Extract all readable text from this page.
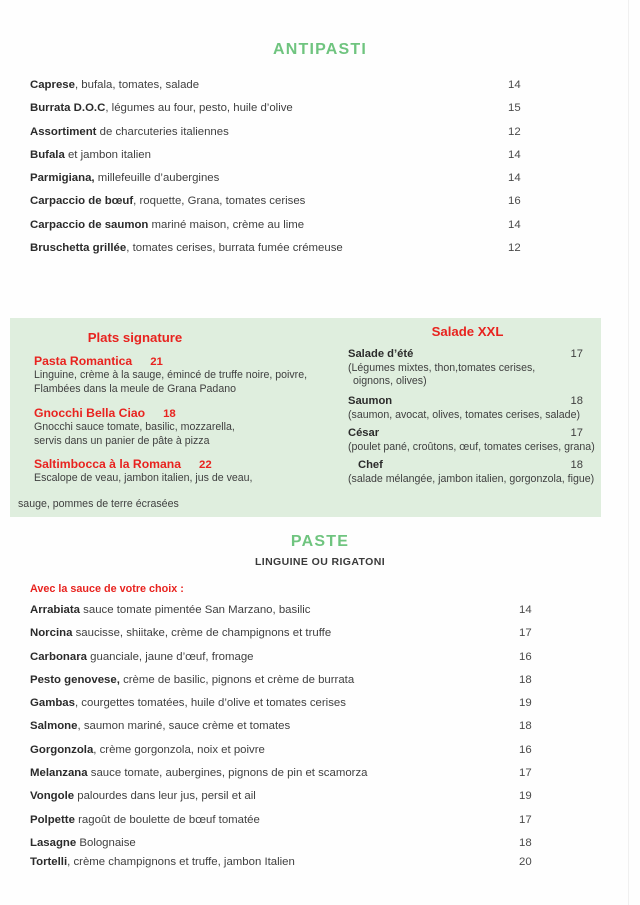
ANTIPASTI
Caprese, bufala, tomates, salade	14
Burrata D.O.C, légumes au four, pesto, huile d’olive	15
Assortiment de charcuteries italiennes	12
Bufala et jambon italien	14
Parmigiana, millefeuille d’aubergines	14
Carpaccio de bœuf, roquette, Grana, tomates cerises	16
Carpaccio de saumon mariné maison, crème au lime	14
Bruschetta grillée, tomates cerises, burrata fumée crémeuse	12
Plats signature
Pasta Romantica 21
Linguine, crème à la sauge, émincé de truffe noire, poivre,
Flambées dans la meule de Grana Padano
Gnocchi Bella Ciao 18
Gnocchi sauce tomate, basilic, mozzarella,
servis dans un panier de pâte à pizza
Saltimbocca à la Romana 22
Escalope de veau, jambon italien, jus de veau,
sauge, pommes de terre écrasées
Salade XXL
Salade d’été	17
(Légumes mixtes, thon,tomates cerises,
oignons, olives)
Saumon	18
(saumon, avocat, olives, tomates cerises, salade)
César	17
(poulet pané, croûtons, œuf, tomates cerises, grana)
Chef	18
(salade mélangée, jambon italien, gorgonzola, figue)
PASTE
LINGUINE OU RIGATONI
Avec la sauce de votre choix :
Arrabiata sauce tomate pimentée San Marzano, basilic	14
Norcina saucisse, shiitake, crème de champignons et truffe	17
Carbonara guanciale, jaune d’œuf, fromage	16
Pesto genovese, crème de basilic, pignons et crème de burrata	18
Gambas, courgettes tomatées, huile d’olive et tomates cerises	19
Salmone, saumon mariné, sauce crème et tomates	18
Gorgonzola, crème gorgonzola, noix et poivre	16
Melanzana sauce tomate, aubergines, pignons de pin et scamorza	17
Vongole palourdes dans leur jus, persil et ail	19
Polpette ragoût de boulette de bœuf tomatée	17
Lasagne Bolognaise	18
Tortelli, crème champignons et truffe, jambon Italien	20
